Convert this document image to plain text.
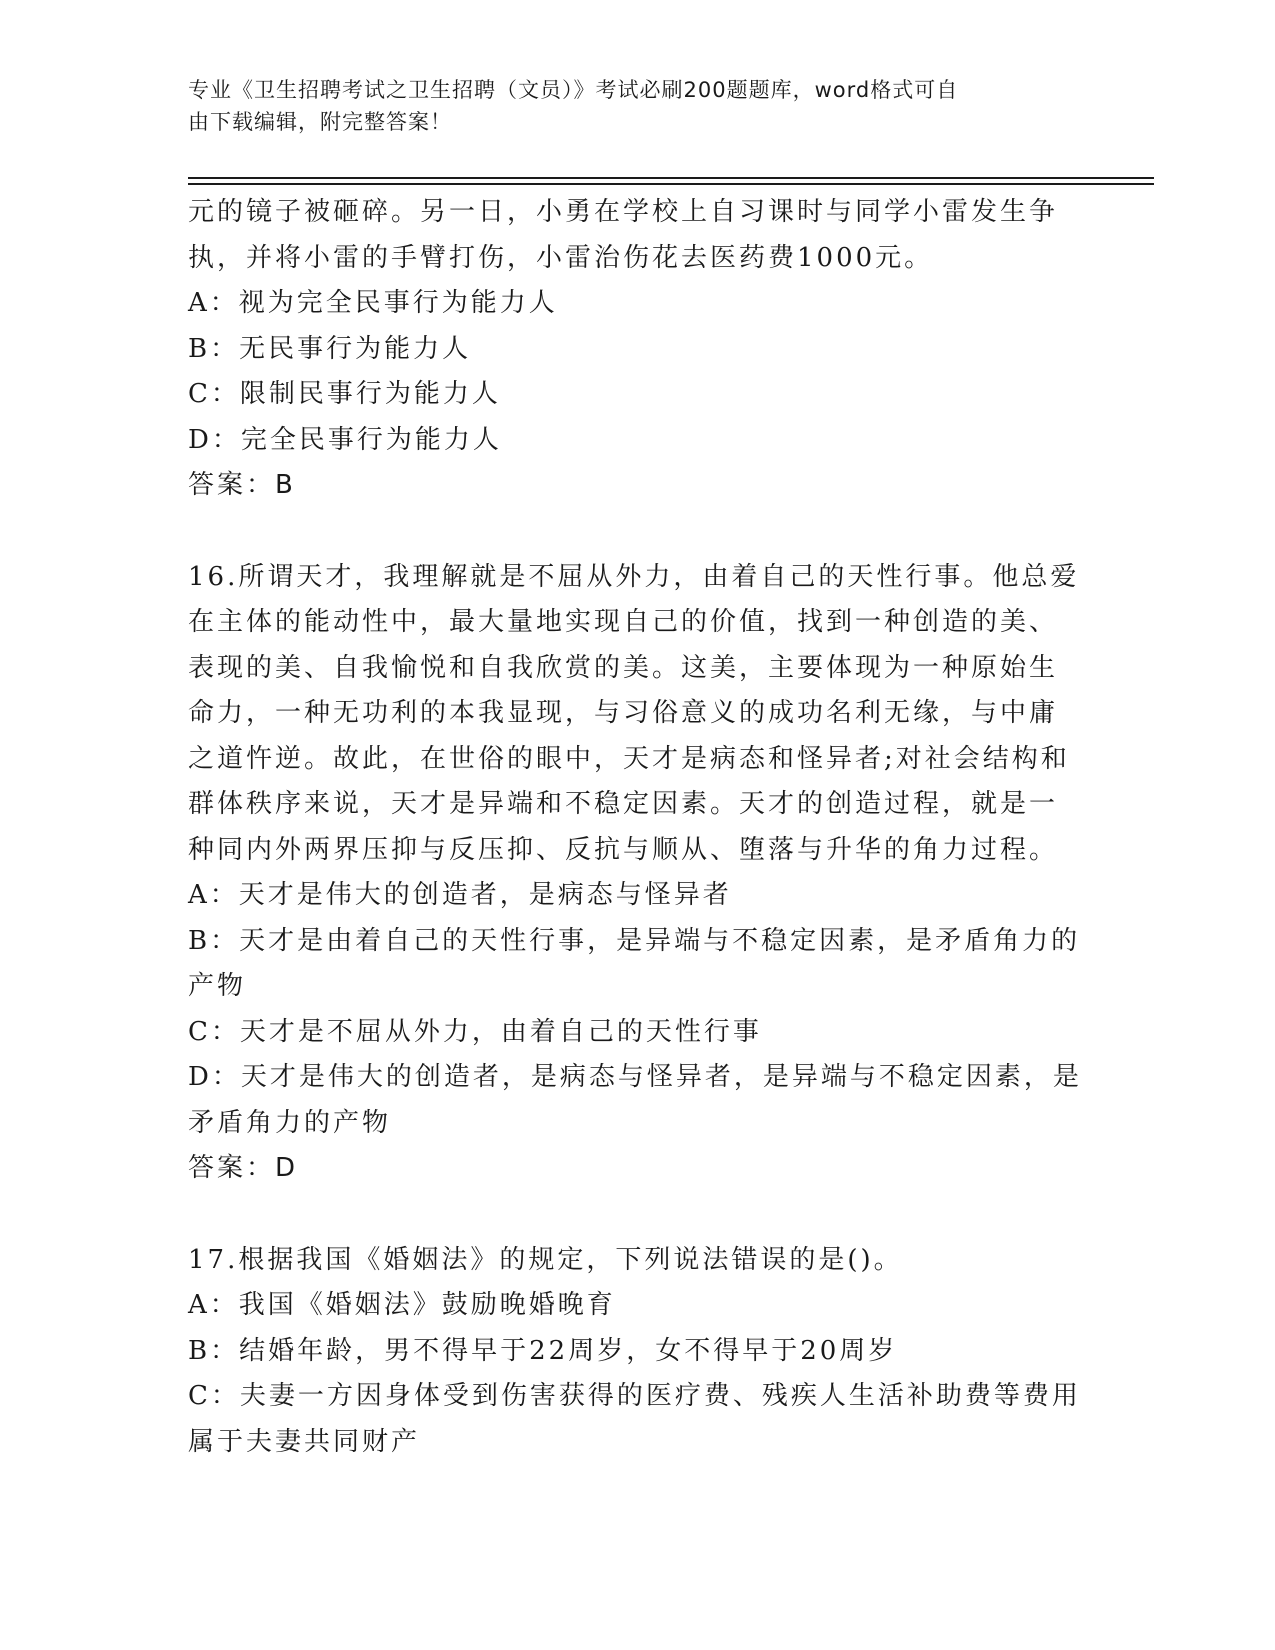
专业《卫生招聘考试之卫生招聘（文员）》考试必刷200题题库，word格式可自
由下载编辑，附完整答案！
元的镜子被砸碎。另一日，小勇在学校上自习课时与同学小雷发生争
执，并将小雷的手臂打伤，小雷治伤花去医药费1000元。
A：视为完全民事行为能力人
B：无民事行为能力人
C：限制民事行为能力人
D：完全民事行为能力人
答案：B
16.所谓天才，我理解就是不屈从外力，由着自己的天性行事。他总爱
在主体的能动性中，最大量地实现自己的价值，找到一种创造的美、
表现的美、自我愉悦和自我欣赏的美。这美，主要体现为一种原始生
命力，一种无功利的本我显现，与习俗意义的成功名利无缘，与中庸
之道忤逆。故此，在世俗的眼中，天才是病态和怪异者;对社会结构和
群体秩序来说，天才是异端和不稳定因素。天才的创造过程，就是一
种同内外两界压抑与反压抑、反抗与顺从、堕落与升华的角力过程。
A：天才是伟大的创造者，是病态与怪异者
B：天才是由着自己的天性行事，是异端与不稳定因素，是矛盾角力的
产物
C：天才是不屈从外力，由着自己的天性行事
D：天才是伟大的创造者，是病态与怪异者，是异端与不稳定因素，是
矛盾角力的产物
答案：D
17.根据我国《婚姻法》的规定，下列说法错误的是()。
A：我国《婚姻法》鼓励晚婚晚育
B：结婚年龄，男不得早于22周岁，女不得早于20周岁
C：夫妻一方因身体受到伤害获得的医疗费、残疾人生活补助费等费用
属于夫妻共同财产
